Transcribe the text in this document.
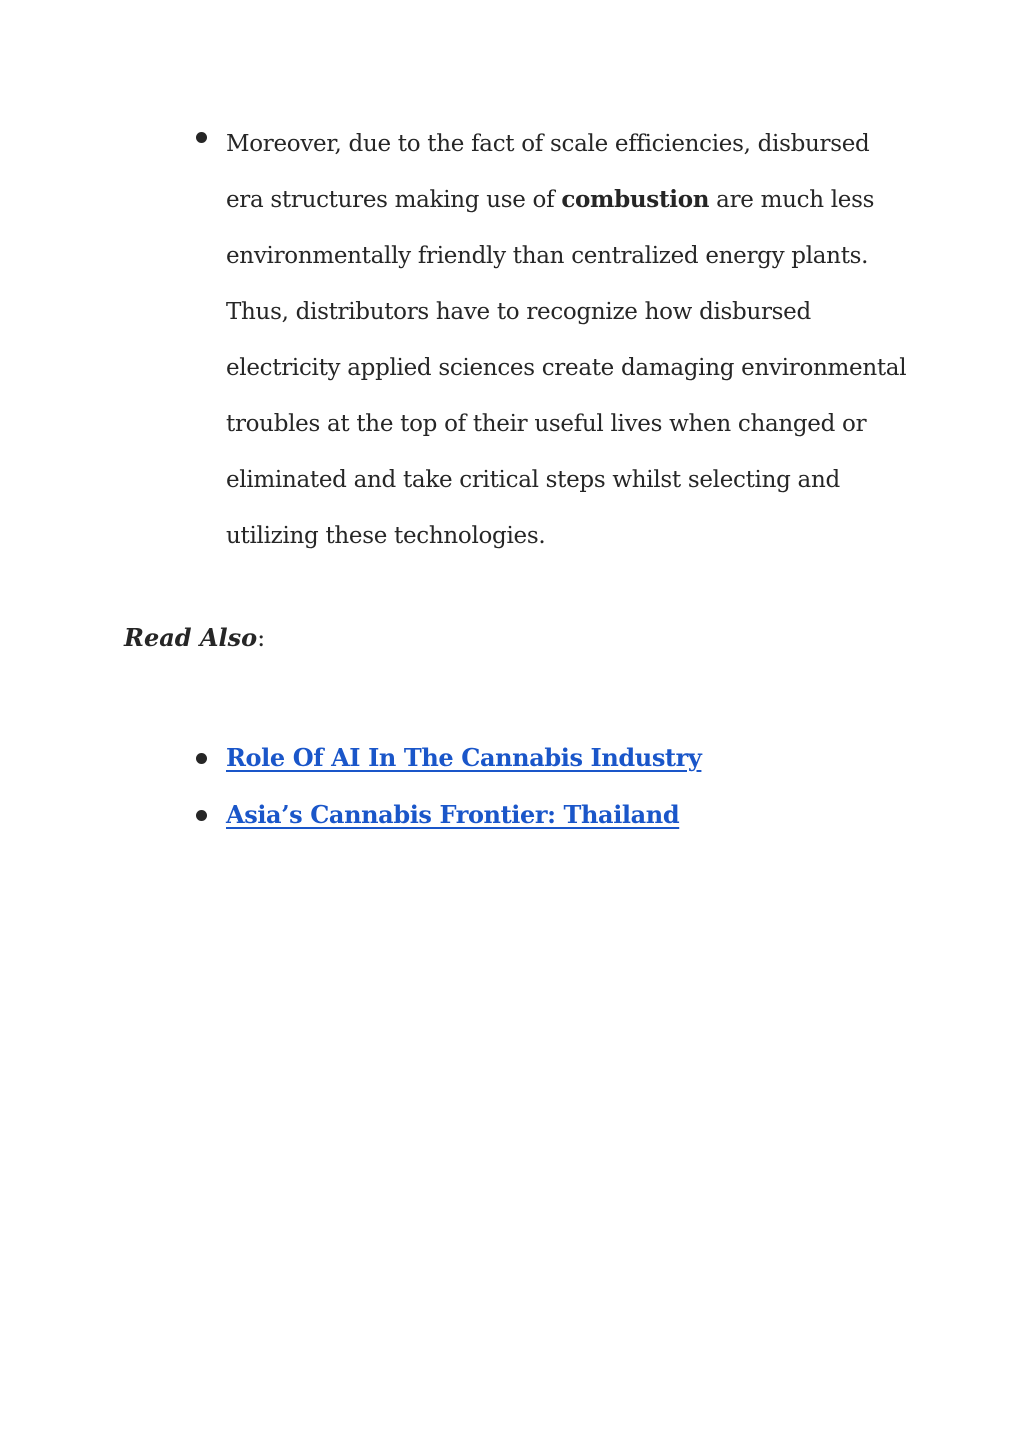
Moreover, due to the fact of scale efficiencies, disbursed
era structures making use of combustion are much less
environmentally friendly than centralized energy plants.
Thus, distributors have to recognize how disbursed
electricity applied sciences create damaging environmental
troubles at the top of their useful lives when changed or
eliminated and take critical steps whilst selecting and
utilizing these technologies.
Read Also:
Role Of AI In The Cannabis Industry
Asia’s Cannabis Frontier: Thailand
